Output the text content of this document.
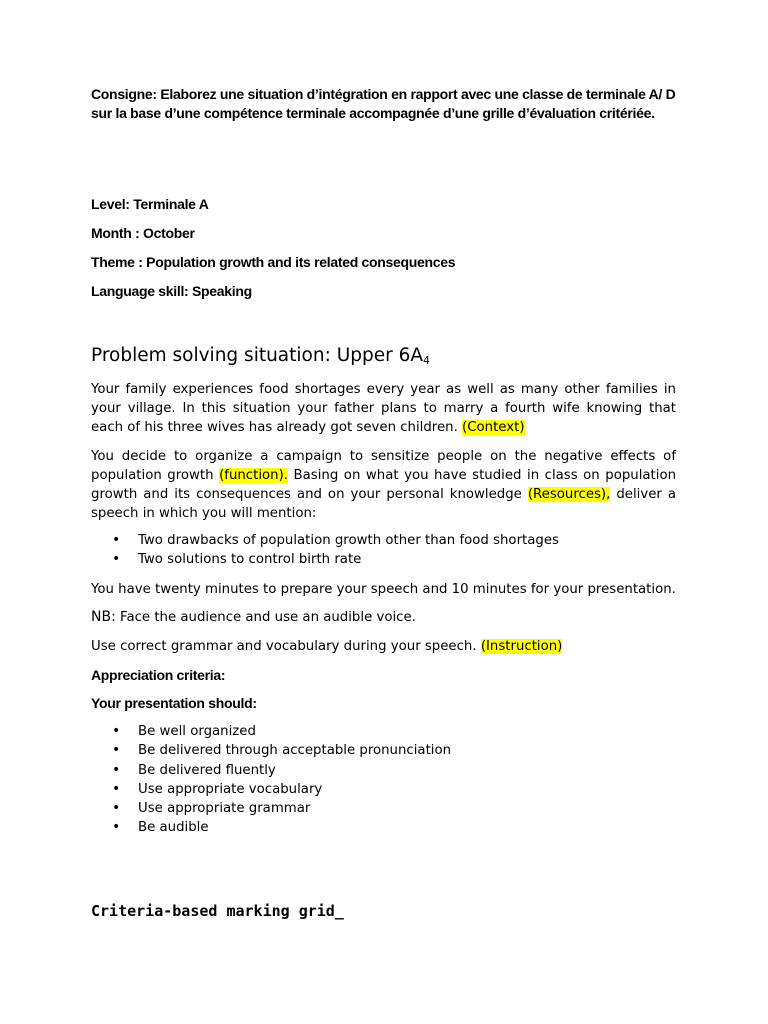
Consigne: Elaborez une situation d’intégration en rapport avec une classe de terminale A/ D sur la base d’une compétence terminale accompagnée d’une grille d’évaluation critériée.
Level: Terminale A
Month : October
Theme : Population growth and its related consequences
Language skill: Speaking
Problem solving situation: Upper $6A_4$

Your family experiences food shortages every year as well as many other families in your village. In this situation your father plans to marry a fourth wife knowing that each of his three wives has already got seven children. (Context)

You decide to organize a campaign to sensitize people on the negative effects of population growth (function). Basing on what you have studied in class on population growth and its consequences and on your personal knowledge (Resources), deliver a speech in which you will mention:

• Two drawbacks of population growth other than food shortages
• Two solutions to control birth rate
You have twenty minutes to prepare your speech and 10 minutes for your presentation.
NB: Face the audience and use an audible voice.
Use correct grammar and vocabulary during your speech. (Instruction)
Appreciation criteria:
Your presentation should:
• Be well organized
• Be delivered through acceptable pronunciation
• Be delivered fluently
• Use appropriate vocabulary
• Use appropriate grammar
• Be audible
Criteria-based marking grid_
